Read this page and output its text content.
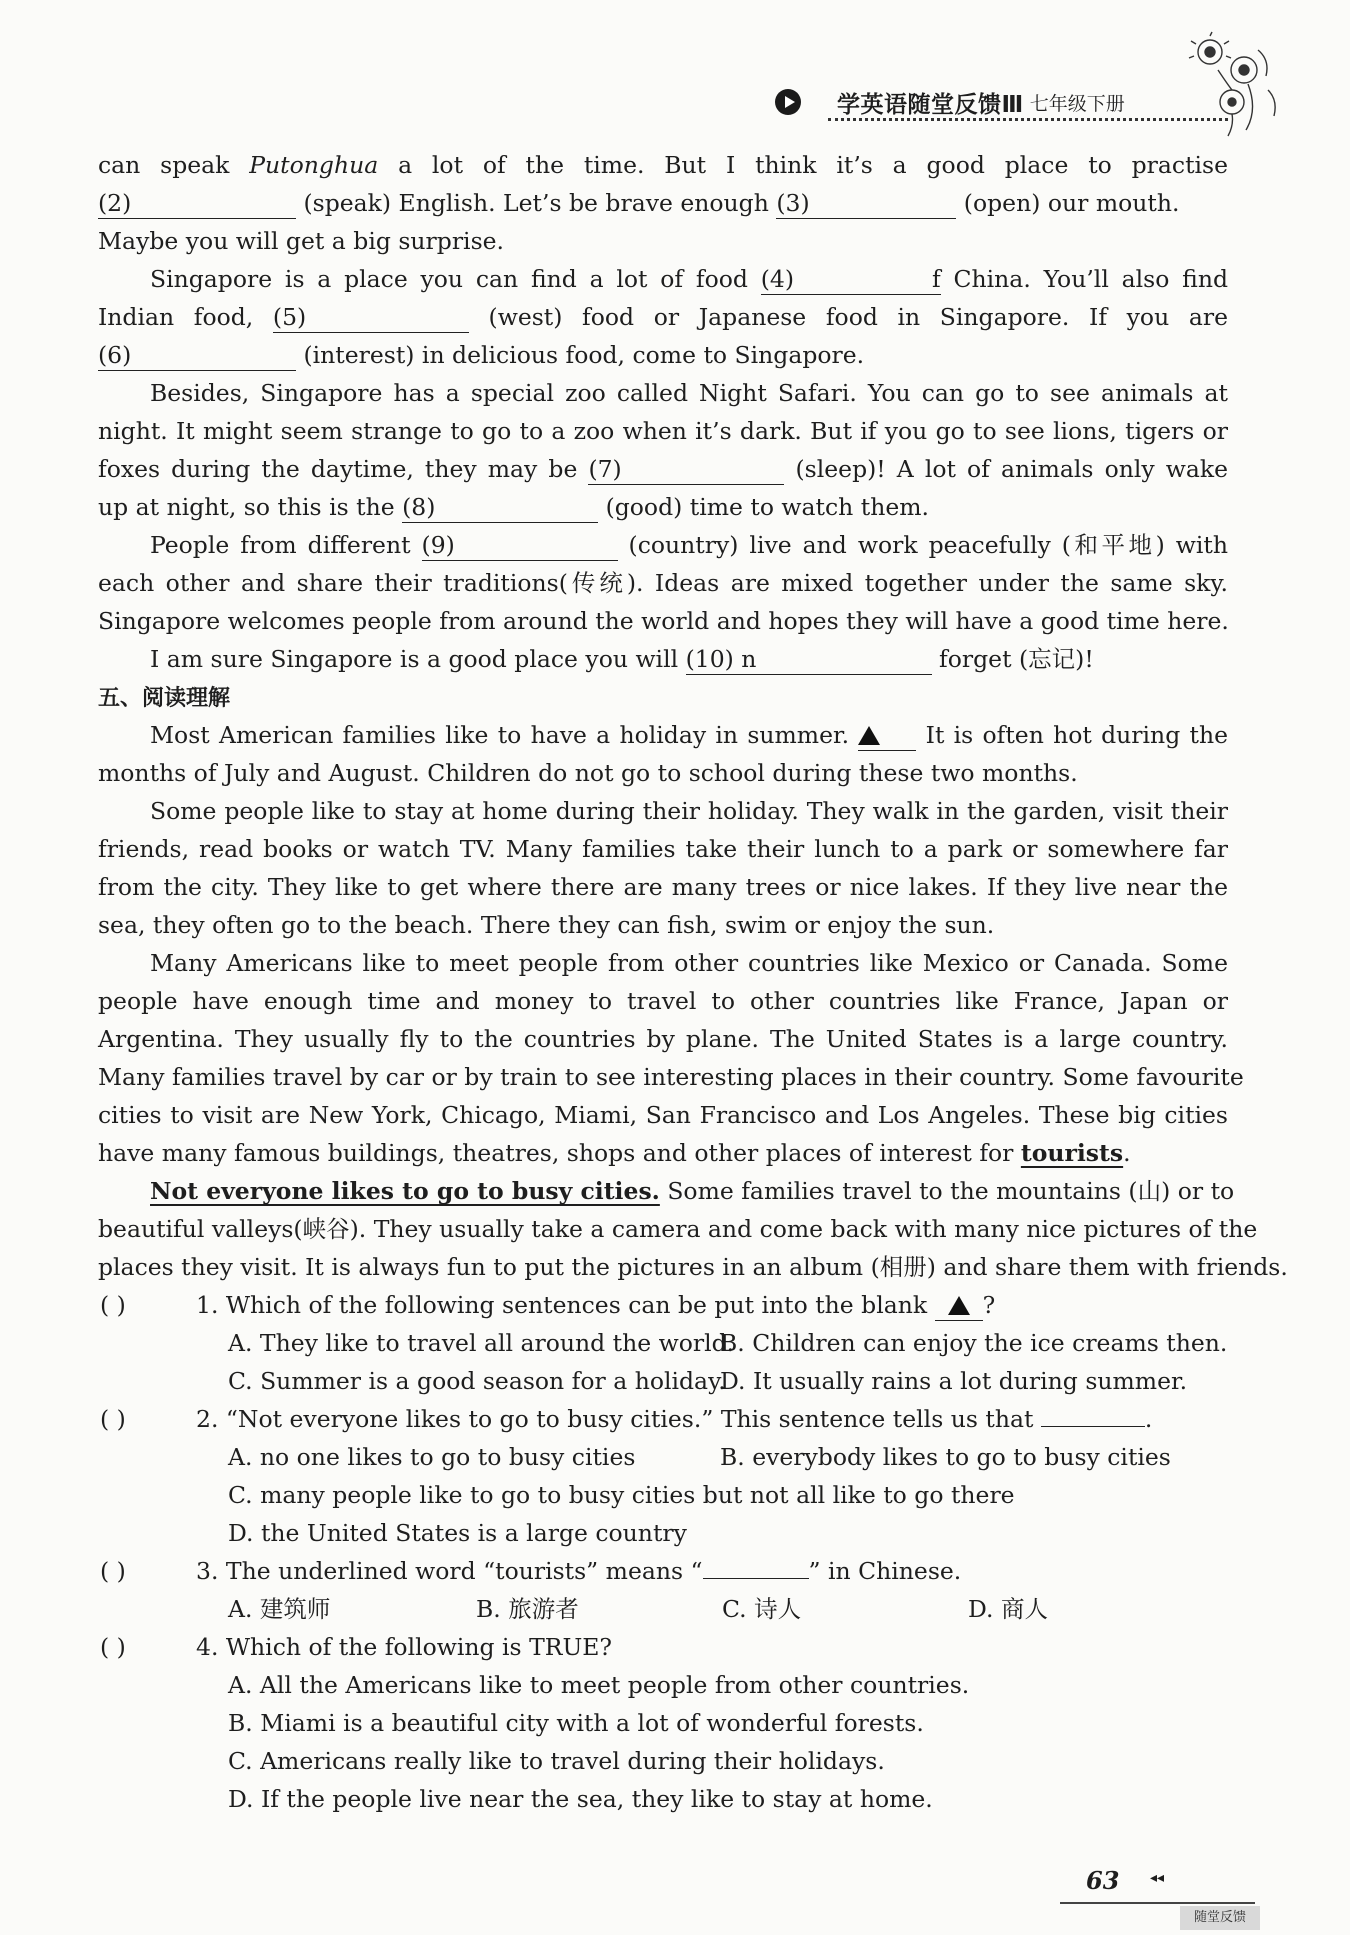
学英语随堂反馈Ⅲ 七年级下册
can speak Putonghua a lot of the time. But I think it’s a good place to practise
(2)	(speak) English. Let’s be brave enough (3)	(open) our mouth.
Maybe you will get a big surprise.
Singapore is a place you can find a lot of food (4) f China. You’ll also find
Indian food, (5)	(west) food or Japanese food in Singapore. If you are
(6)	(interest) in delicious food, come to Singapore.
Besides, Singapore has a special zoo called Night Safari. You can go to see animals at
night. It might seem strange to go to a zoo when it’s dark. But if you go to see lions, tigers or
foxes during the daytime, they may be (7)	(sleep)! A lot of animals only wake
up at night, so this is the (8)	(good) time to watch them.
People from different (9)	(country) live and work peacefully (和平地) with
each other and share their traditions(传统). Ideas are mixed together under the same sky.
Singapore welcomes people from around the world and hopes they will have a good time here.
I am sure Singapore is a good place you will (10) n	forget (忘记)!
五、阅读理解
Most American families like to have a holiday in summer.  It is often hot during the
months of July and August. Children do not go to school during these two months.
Some people like to stay at home during their holiday. They walk in the garden, visit their
friends, read books or watch TV. Many families take their lunch to a park or somewhere far
from the city. They like to get where there are many trees or nice lakes. If they live near the
sea, they often go to the beach. There they can fish, swim or enjoy the sun.
Many Americans like to meet people from other countries like Mexico or Canada. Some
people have enough time and money to travel to other countries like France, Japan or
Argentina. They usually fly to the countries by plane. The United States is a large country.
Many families travel by car or by train to see interesting places in their country. Some favourite
cities to visit are New York, Chicago, Miami, San Francisco and Los Angeles. These big cities
have many famous buildings, theatres, shops and other places of interest for tourists.
Not everyone likes to go to busy cities. Some families travel to the mountains (山) or to
beautiful valleys(峡谷). They usually take a camera and come back with many nice pictures of the
places they visit. It is always fun to put the pictures in an album (相册) and share them with friends.
( )	1. Which of the following sentences can be put into the blank ?
A. They like to travel all around the world.
B. Children can enjoy the ice creams then.
C. Summer is a good season for a holiday.
D. It usually rains a lot during summer.
( )	2. “Not everyone likes to go to busy cities.” This sentence tells us that	.
A. no one likes to go to busy cities	B. everybody likes to go to busy cities
C. many people like to go to busy cities but not all like to go there
D. the United States is a large country
( )	3. The underlined word “tourists” means “	” in Chinese.
A. 建筑师	B. 旅游者	C. 诗人	D. 商人
( )	4. Which of the following is TRUE?
A. All the Americans like to meet people from other countries.
B. Miami is a beautiful city with a lot of wonderful forests.
C. Americans really like to travel during their holidays.
D. If the people live near the sea, they like to stay at home.
63 ◂◂
随堂反馈
